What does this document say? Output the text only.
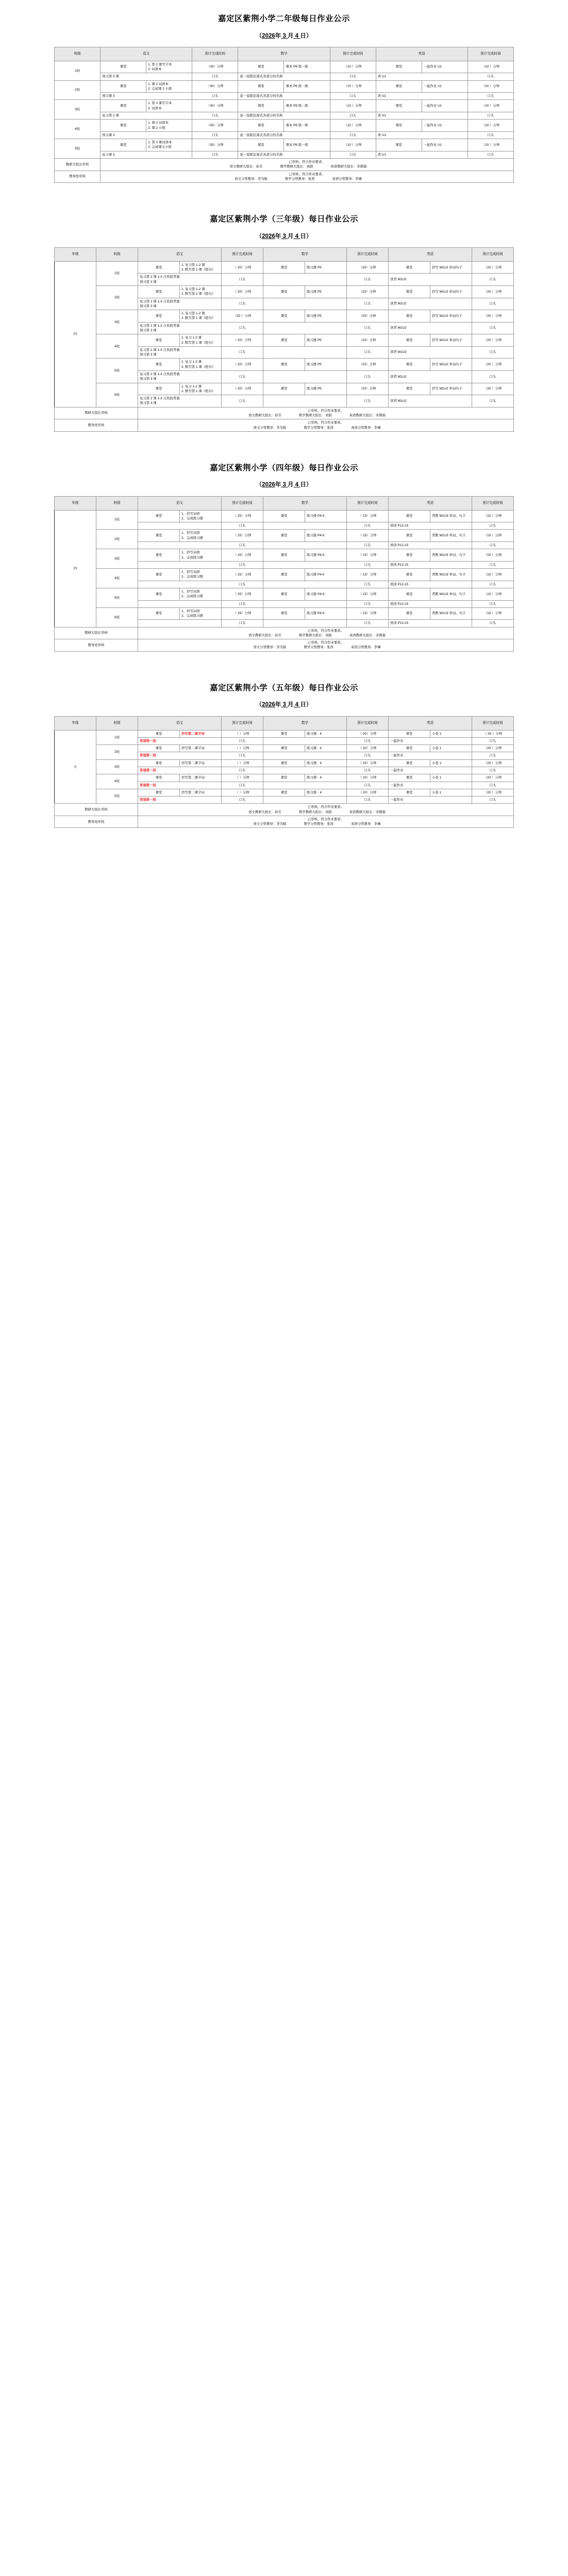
嘉定区紫荆小学二年级每日作业公示
（2026年 3 月 4 日）
班级	语文		预计完成时间	数学		预计完成时间	英语		预计完成时间
1班	课堂	1. 第 2 课写字本
2. 词语本	（30）分钟	课堂	课本 P6 练一练	（10 ）分钟	课堂	一起作业 U1	（10 ）分钟

	预习第 3 课		口头	说一说除法算式各部分的名称		口头	读 U1		口头
2班	课堂	1. 课 2 词语本
2. 完成课 2 小练	（30）分钟	课堂	课本 P6 练一练	（10 ）分钟	课堂	一起作业 U1	（10 ）分钟

	预习课 3		口头	说一说除法算式各部分的名称		口头	读 U1		口头
3班	课堂	1. 第 2 课写字本
2. 词语本	（30）分钟	课堂	课本 P6 练一练	（10 ）分钟	课堂	一起作业 U1	（10 ）分钟

	复习第 2 课		口头	说一说除法算式各部分的名称		口头	读 U1		口头
4班	课堂	1. 课 2 词语本
2. 课 2 小练	（30）分钟	课堂	课本 P6 练一练	（10 ）分钟	课堂	一起作业 U1	（10 ）分钟

	预习课 3		口头	说一说除法算式各部分的名称		口头	读 U1		口头
5班	课堂	1. 第 2 课词语本
2. 完成课文小练	（30）分钟	课堂	课本 P6 练一练	（10 ）分钟	课堂	一起作业 U1	（10 ）分钟

	复习课 2		口头	说一说除法算式各部分的名称		口头	读 U1		口头
教研大组长审核	已审核，符合作业要求。
语文教研大组长：孙芳 数学教研大组长：刘娟 英语教研大组长：宋俐霖								

教导处审核	已审核，符合作业要求。
语文分管教导：李为陈 数学分管教导：张茜 英语分管教导：李琳								
嘉定区紫荆小学（三年级）每日作业公示
（2026年 3 月 4 日）
年级	班级	语文		预计完成时间	数学		预计完成时间	英语		预计完成时间
四	1班	课堂	1. 复习第 1-2 课
2. 默写第 1 课《绝句》	（ 20）分钟	课堂	练习册 P5	（20）分钟	课堂	抄写 M1U2 单词句子	（20 ）分钟

		复习第 2 课 1-3 自然段背诵
预习第 3 课		口头			口头	读背 M1U2		口头
	2班	课堂	1. 复习第 1-2 课
2. 默写第 1 课《绝句》	（ 20）分钟	课堂	练习册 P5	（20）分钟	课堂	抄写 M1U2 单词句子	（20 ）分钟

		复习第 2 课 1-3 自然段背诵
预习第 3 课		口头			口头	读背 M1U2		口头
	3班	课堂	1. 复习第 1-2 课
2. 默写第 1 课《绝句》	（20 ）分钟	课堂	练习册 P5	（20）分钟	课堂	抄写 M1U2 单词句子	（20 ）分钟

		复习第 2 课 1-3 自然段背诵
预习第 3 课		口头			口头	读背 M1U2		口头
	4班	课堂	1. 复习 1-2 课
2. 默写第 1 课《绝句》	（ 20）分钟	课堂	练习册 P5	（20）分钟	课堂	抄写 M1U2 单词句子	（20 ）分钟

		复习第 2 课 1-3 自然段背诵
预习第 3 课		口头			口头	读背 M1U2		口头
	5班	课堂	1. 复习 1-2 课
2. 默写第 1 课《绝句》	（ 20）分钟	课堂	练习册 P5	（20）分钟	课堂	抄写 M1U2 单词句子	（20 ）分钟

		复习第 2 课 1-3 自然段背诵
预习第 3 课		口头			口头	读背 M1U2		口头
	6班	课堂	1. 复习 1-2 课
2. 默写第 1 课《绝句》	（ 20）分钟	课堂	练习册 P5	（20）分钟	课堂	抄写 M1U2 单词句子	（20 ）分钟

		复习第 2 课 1-3 自然段背诵
预习第 3 课		口头			口头	读背 M1U2		口头
教研大组长审核		已审核，符合作业要求。
语文教研大组长：孙芳 数学教研大组长：刘娟 英语教研大组长：宋俐霖								

教导处审核		已审核，符合作业要求。
语文分管教导：李为陈 数学分管教导：张茜 英语分管教导：李琳								
嘉定区紫荆小学（四年级）每日作业公示
（2026年 3 月 4 日）
年级	班级	语文		预计完成时间	数学		预计完成时间	英语		预计完成时间
四	1班	课堂	1、抄写词语
2、完成练习册	（ 25）分钟	课堂	练习册 P4-5	（ 15）分钟	课堂	背默 M1U3 单词、句子	（15 ）分钟

				口头			口头	熟读 P12-15		口头
	2班	课堂	1、抄写词语
2、完成练习册	（ 25）分钟	课堂	练习册 P4-5	（ 15）分钟	课堂	背默 M1U3 单词、句子	（15 ）分钟

				口头			口头	熟读 P12-15		口头
	3班	课堂	1、抄写词语
2、完成练习册	（ 25）分钟	课堂	练习册 P4-5	（ 15）分钟	课堂	背默 M1U3 单词、句子	（15 ）分钟

				口头			口头	熟读 P12-15		口头
	4班	课堂	1、抄写词语
2、完成练习册	（ 25）分钟	课堂	练习册 P4-5	（ 15）分钟	课堂	背默 M1U3 单词、句子	（15 ）分钟

				口头			口头	熟读 P12-15		口头
	5班	课堂	1、抄写词语
2、完成练习册	（ 25）分钟	课堂	练习册 P4-5	（ 15）分钟	课堂	背默 M1U3 单词、句子	（15 ）分钟

				口头			口头	熟读 P12-15		口头
	6班	课堂	1、抄写词语
2、完成练习册	（ 25）分钟	课堂	练习册 P4-5	（ 15）分钟	课堂	背默 M1U3 单词、句子	（15 ）分钟

				口头			口头	熟读 P12-15		口头
教研大组长审核		已审核，符合作业要求。
语文教研大组长：孙芳 数学教研大组长：刘娟 英语教研大组长：宋俐霖								

教导处审核		已审核，符合作业要求。
语文分管教导：李为陈 数学分管教导：张茜 英语分管教导：李琳								
嘉定区紫荆小学（五年级）每日作业公示
（2026年 3 月 4 日）
年级	班级	语文		预计完成时间	数学		预计完成时间	英语		预计完成时间
五	1班	课堂	抄写第二课字词	（ ）分钟	课堂	练习册：4	（ 20）分钟	课堂	小卷 1	（ 20 ）分钟

		背诵第一段		口头			口头	一起作业		口头
	2班	课堂	抄写第二课字词	（ ）分钟	课堂	练习册：4	（ 20）分钟	课堂	小卷 1	（20 ）分钟

		背诵第一段		口头			口头	一起作业		口头
	3班	课堂	抄写第二课字词	（ ）分钟	课堂	练习册：4	（ 20）分钟	课堂	小卷 1	（20 ）分钟

		背诵第一段		口头			口头	一起作业		口头
	4班	课堂	抄写第二课字词	（ ）分钟	课堂	练习册：4	（ 20）分钟	课堂	小卷 1	（20 ）分钟

		背诵第一段		口头			口头	一起作业		口头
	5班	课堂	抄写第二课字词	（ ）分钟	课堂	练习册：4	（ 20）分钟	课堂	小卷 1	（20 ）分钟

		背诵第一段		口头			口头	一起作业		口头
教研大组长审核		已审核，符合作业要求。
语文教研大组长：孙芳 数学教研大组长：刘娟 英语教研大组长：宋俐霖								

教导处审核		已审核，符合作业要求。
语文分管教导：李为陈 数学分管教导：张茜 英语分管教导：李琳								
